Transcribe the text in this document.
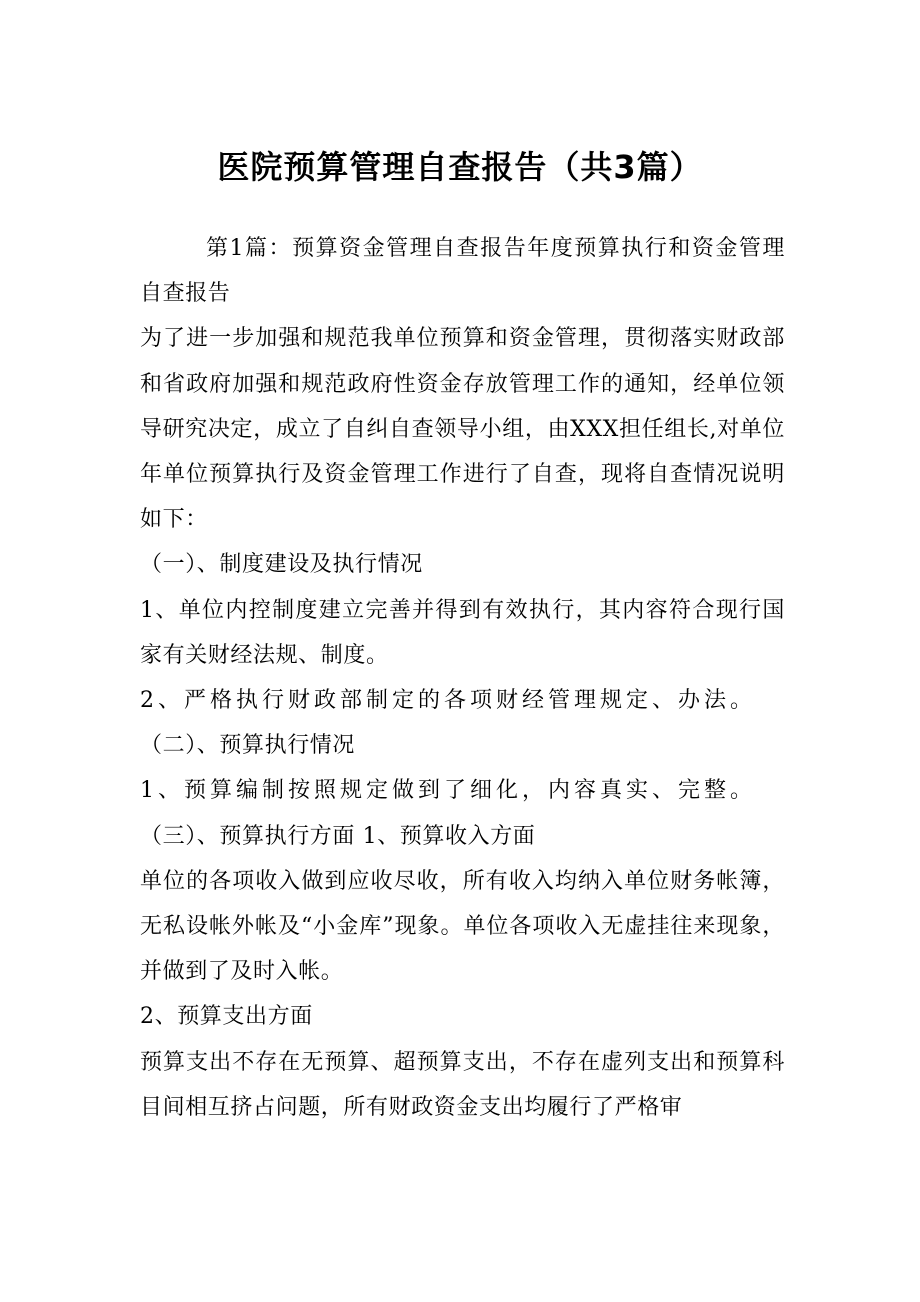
医院预算管理自查报告（共3篇）

第1篇：预算资金管理自查报告年度预算执行和资金管理自查报告

为了进一步加强和规范我单位预算和资金管理，贯彻落实财政部和省政府加强和规范政府性资金存放管理工作的通知，经单位领导研究决定，成立了自纠自查领导小组，由XXX担任组长,对单位年单位预算执行及资金管理工作进行了自查，现将自查情况说明如下：

（一）、制度建设及执行情况

1、单位内控制度建立完善并得到有效执行，其内容符合现行国家有关财经法规、制度。

2、严格执行财政部制定的各项财经管理规定、办法。

（二）、预算执行情况

1、预算编制按照规定做到了细化，内容真实、完整。

（三）、预算执行方面 1、预算收入方面

单位的各项收入做到应收尽收，所有收入均纳入单位财务帐簿，无私设帐外帐及“小金库”现象。单位各项收入无虚挂往来现象，并做到了及时入帐。

2、预算支出方面

预算支出不存在无预算、超预算支出，不存在虚列支出和预算科目间相互挤占问题，所有财政资金支出均履行了严格审
